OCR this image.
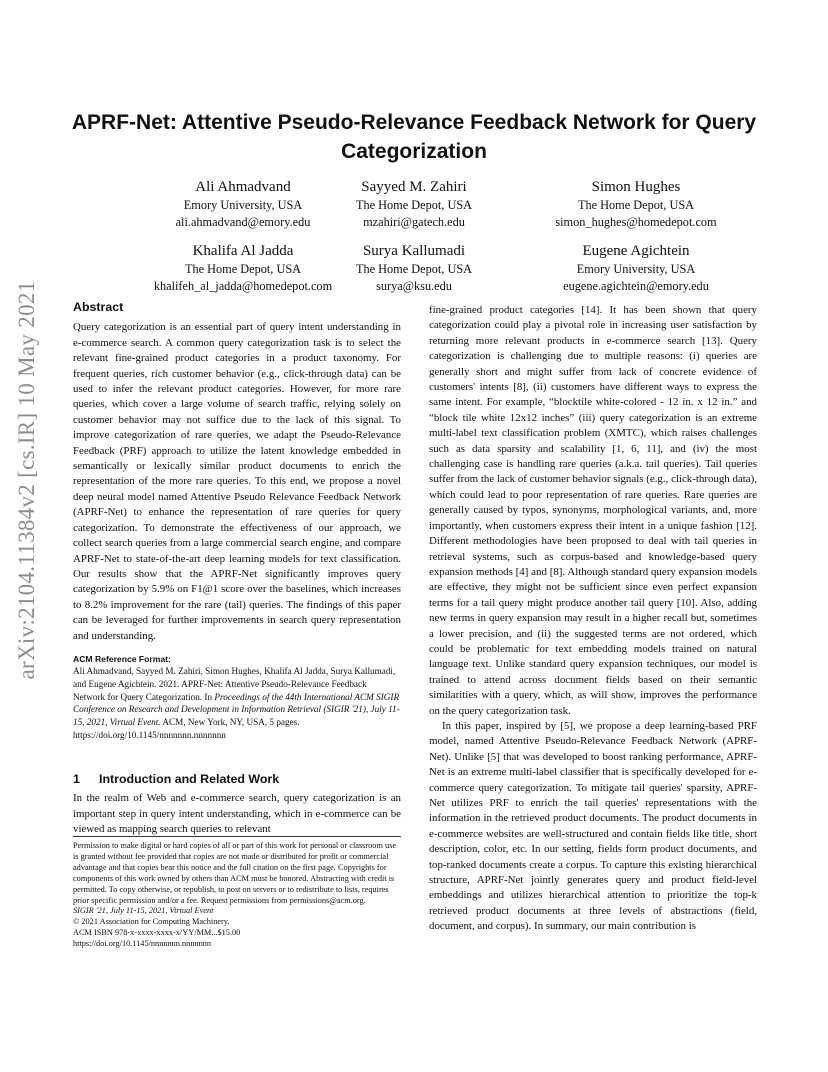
arXiv:2104.11384v2 [cs.IR] 10 May 2021
APRF-Net: Attentive Pseudo-Relevance Feedback Network for Query Categorization
Ali Ahmadvand
Emory University, USA
ali.ahmadvand@emory.edu
Sayyed M. Zahiri
The Home Depot, USA
mzahiri@gatech.edu
Simon Hughes
The Home Depot, USA
simon_hughes@homedepot.com
Khalifa Al Jadda
The Home Depot, USA
khalifeh_al_jadda@homedepot.com
Surya Kallumadi
The Home Depot, USA
surya@ksu.edu
Eugene Agichtein
Emory University, USA
eugene.agichtein@emory.edu
Abstract

Query categorization is an essential part of query intent understanding in e-commerce search. A common query categorization task is to select the relevant fine-grained product categories in a product taxonomy. For frequent queries, rich customer behavior (e.g., click-through data) can be used to infer the relevant product categories. However, for more rare queries, which cover a large volume of search traffic, relying solely on customer behavior may not suffice due to the lack of this signal. To improve categorization of rare queries, we adapt the Pseudo-Relevance Feedback (PRF) approach to utilize the latent knowledge embedded in semantically or lexically similar product documents to enrich the representation of the more rare queries. To this end, we propose a novel deep neural model named Attentive Pseudo Relevance Feedback Network (APRF-Net) to enhance the representation of rare queries for query categorization. To demonstrate the effectiveness of our approach, we collect search queries from a large commercial search engine, and compare APRF-Net to state-of-the-art deep learning models for text classification. Our results show that the APRF-Net significantly improves query categorization by 5.9% on F1@1 score over the baselines, which increases to 8.2% improvement for the rare (tail) queries. The findings of this paper can be leveraged for further improvements in search query representation and understanding.

ACM Reference Format:
Ali Ahmadvand, Sayyed M. Zahiri, Simon Hughes, Khalifa Al Jadda, Surya Kallumadi, and Eugene Agichtein. 2021. APRF-Net: Attentive Pseudo-Relevance Feedback Network for Query Categorization. In Proceedings of the 44th International ACM SIGIR Conference on Research and Development in Information Retrieval (SIGIR '21), July 11-15, 2021, Virtual Event. ACM, New York, NY, USA, 5 pages. https://doi.org/10.1145/nnnnnnn.nnnnnnn
1 Introduction and Related Work

In the realm of Web and e-commerce search, query categorization is an important step in query intent understanding, which in e-commerce can be viewed as mapping search queries to relevant

Permission to make digital or hard copies of all or part of this work for personal or classroom use is granted without fee provided that copies are not made or distributed for profit or commercial advantage and that copies bear this notice and the full citation on the first page. Copyrights for components of this work owned by others than ACM must be honored. Abstracting with credit is permitted. To copy otherwise, or republish, to post on servers or to redistribute to lists, requires prior specific permission and/or a fee. Request permissions from permissions@acm.org.

SIGIR '21, July 11-15, 2021, Virtual Event

© 2021 Association for Computing Machinery.

ACM ISBN 978-x-xxxx-xxxx-x/YY/MM...$15.00

https://doi.org/10.1145/nnnnnnn.nnnnnnn

fine-grained product categories [14]. It has been shown that query categorization could play a pivotal role in increasing user satisfaction by returning more relevant products in e-commerce search [13]. Query categorization is challenging due to multiple reasons: (i) queries are generally short and might suffer from lack of concrete evidence of customers' intents [8], (ii) customers have different ways to express the same intent. For example, “blocktile white-colored - 12 in. x 12 in.” and “block tile white 12x12 inches” (iii) query categorization is an extreme multi-label text classification problem (XMTC), which raises challenges such as data sparsity and scalability [1, 6, 11], and (iv) the most challenging case is handling rare queries (a.k.a. tail queries). Tail queries suffer from the lack of customer behavior signals (e.g., click-through data), which could lead to poor representation of rare queries. Rare queries are generally caused by typos, synonyms, morphological variants, and, more importantly, when customers express their intent in a unique fashion [12]. Different methodologies have been proposed to deal with tail queries in retrieval systems, such as corpus-based and knowledge-based query expansion methods [4] and [8]. Although standard query expansion models are effective, they might not be sufficient since even perfect expansion terms for a tail query might produce another tail query [10]. Also, adding new terms in query expansion may result in a higher recall but, sometimes a lower precision, and (ii) the suggested terms are not ordered, which could be problematic for text embedding models trained on natural language text. Unlike standard query expansion techniques, our model is trained to attend across document fields based on their semantic similarities with a query, which, as will show, improves the performance on the query categorization task.

In this paper, inspired by [5], we propose a deep learning-based PRF model, named Attentive Pseudo-Relevance Feedback Network (APRF-Net). Unlike [5] that was developed to boost ranking performance, APRF-Net is an extreme multi-label classifier that is specifically developed for e-commerce query categorization. To mitigate tail queries' sparsity, APRF-Net utilizes PRF to enrich the tail queries' representations with the information in the retrieved product documents. The product documents in e-commerce websites are well-structured and contain fields like title, short description, color, etc. In our setting, fields form product documents, and top-ranked documents create a corpus. To capture this existing hierarchical structure, APRF-Net jointly generates query and product field-level embeddings and utilizes hierarchical attention to prioritize the top-k retrieved product documents at three levels of abstractions (field, document, and corpus). In summary, our main contribution is
